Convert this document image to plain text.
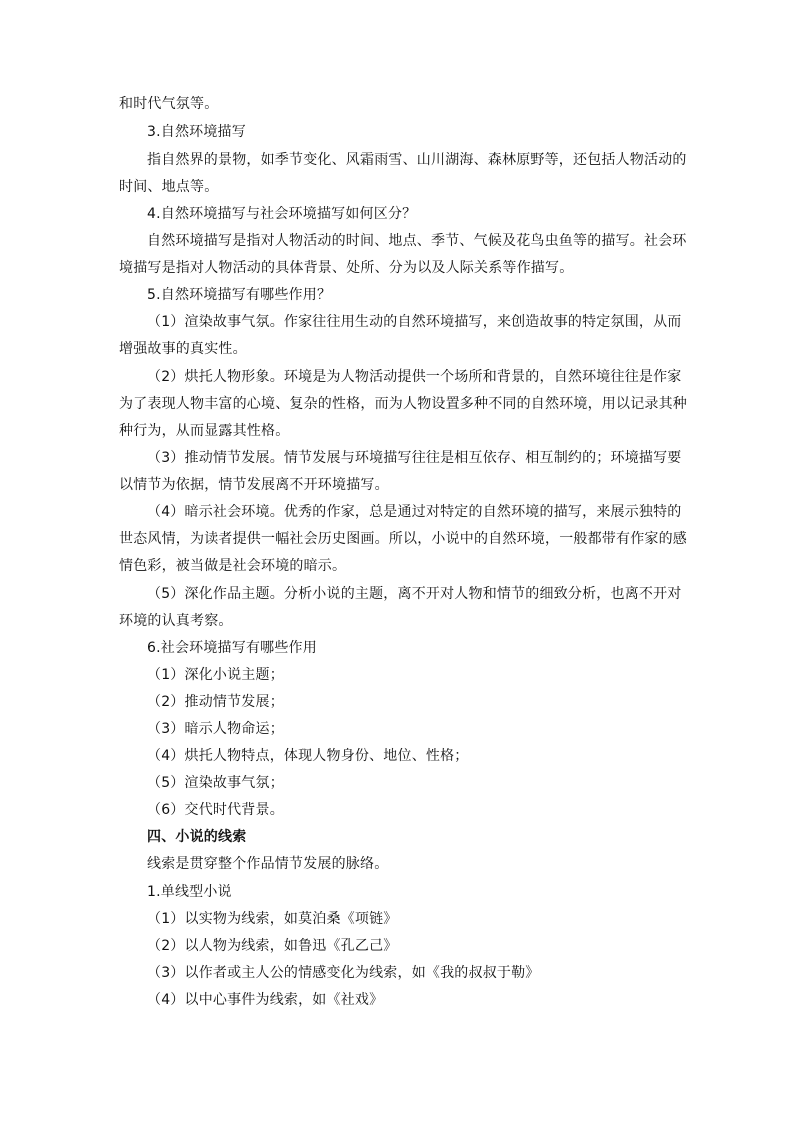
和时代气氛等。
3.自然环境描写
指自然界的景物，如季节变化、风霜雨雪、山川湖海、森林原野等，还包括人物活动的
时间、地点等。
4.自然环境描写与社会环境描写如何区分？
自然环境描写是指对人物活动的时间、地点、季节、气候及花鸟虫鱼等的描写。社会环
境描写是指对人物活动的具体背景、处所、分为以及人际关系等作描写。
5.自然环境描写有哪些作用？
（1）渲染故事气氛。作家往往用生动的自然环境描写，来创造故事的特定氛围，从而
增强故事的真实性。
（2）烘托人物形象。环境是为人物活动提供一个场所和背景的，自然环境往往是作家
为了表现人物丰富的心境、复杂的性格，而为人物设置多种不同的自然环境，用以记录其种
种行为，从而显露其性格。
（3）推动情节发展。情节发展与环境描写往往是相互依存、相互制约的；环境描写要
以情节为依据，情节发展离不开环境描写。
（4）暗示社会环境。优秀的作家，总是通过对特定的自然环境的描写，来展示独特的
世态风情，为读者提供一幅社会历史图画。所以，小说中的自然环境，一般都带有作家的感
情色彩，被当做是社会环境的暗示。
（5）深化作品主题。分析小说的主题，离不开对人物和情节的细致分析，也离不开对
环境的认真考察。
6.社会环境描写有哪些作用
（1）深化小说主题；
（2）推动情节发展；
（3）暗示人物命运；
（4）烘托人物特点，体现人物身份、地位、性格；
（5）渲染故事气氛；
（6）交代时代背景。
四、小说的线索
线索是贯穿整个作品情节发展的脉络。
1.单线型小说
（1）以实物为线索，如莫泊桑《项链》
（2）以人物为线索，如鲁迅《孔乙己》
（3）以作者或主人公的情感变化为线索，如《我的叔叔于勒》
（4）以中心事件为线索，如《社戏》
